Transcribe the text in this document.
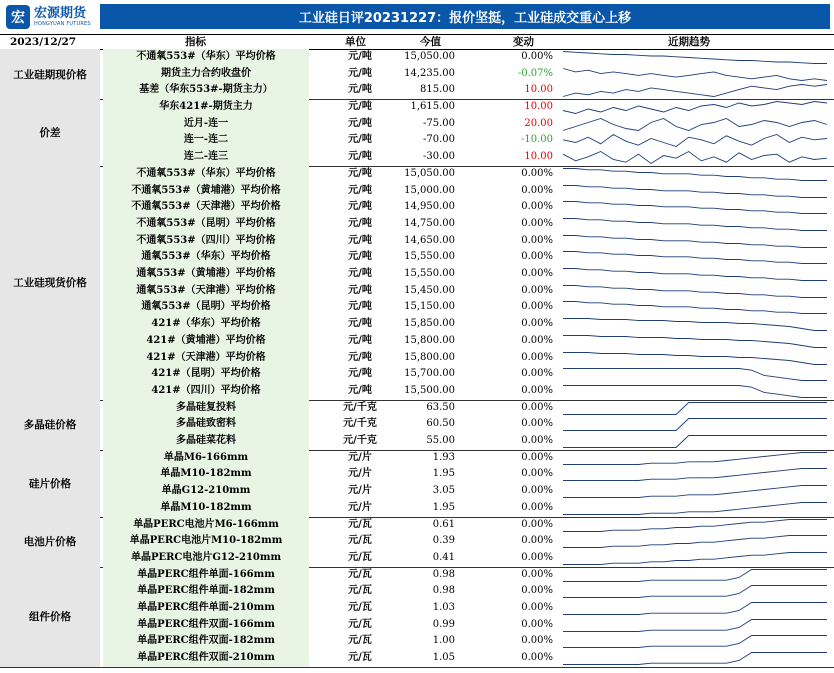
宏 宏源期货
HONGYUAN FUTURES	工业硅日评20231227：报价坚挺，工业硅成交重心上移
2023/12/27	指标	单位	今值	变动	近期趋势
工业硅期现价格
不通氧553#（华东）平均价格	元/吨	15,050.00	0.00%
期货主力合约收盘价	元/吨	14,235.00	-0.07%
基差（华东553#-期货主力）	元/吨	815.00	10.00
价差
华东421#-期货主力	元/吨	1,615.00	10.00
近月-连一	元/吨	-75.00	20.00
连一-连二	元/吨	-70.00	-10.00
连二-连三	元/吨	-30.00	10.00
工业硅现货价格
不通氧553#（华东）平均价格	元/吨	15,050.00	0.00%
不通氧553#（黄埔港）平均价格	元/吨	15,000.00	0.00%
不通氧553#（天津港）平均价格	元/吨	14,950.00	0.00%
不通氧553#（昆明）平均价格	元/吨	14,750.00	0.00%
不通氧553#（四川）平均价格	元/吨	14,650.00	0.00%
通氧553#（华东）平均价格	元/吨	15,550.00	0.00%
通氧553#（黄埔港）平均价格	元/吨	15,550.00	0.00%
通氧553#（天津港）平均价格	元/吨	15,450.00	0.00%
通氧553#（昆明）平均价格	元/吨	15,150.00	0.00%
421#（华东）平均价格	元/吨	15,850.00	0.00%
421#（黄埔港）平均价格	元/吨	15,800.00	0.00%
421#（天津港）平均价格	元/吨	15,800.00	0.00%
421#（昆明）平均价格	元/吨	15,700.00	0.00%
421#（四川）平均价格	元/吨	15,500.00	0.00%
多晶硅价格
多晶硅复投料	元/千克	63.50	0.00%
多晶硅致密料	元/千克	60.50	0.00%
多晶硅菜花料	元/千克	55.00	0.00%
硅片价格
单晶M6-166mm	元/片	1.93	0.00%
单晶M10-182mm	元/片	1.95	0.00%
单晶G12-210mm	元/片	3.05	0.00%
单晶M10-182mm	元/片	1.95	0.00%
电池片价格
单晶PERC电池片M6-166mm	元/瓦	0.61	0.00%
单晶PERC电池片M10-182mm	元/瓦	0.39	0.00%
单晶PERC电池片G12-210mm	元/瓦	0.41	0.00%
组件价格
单晶PERC组件单面-166mm	元/瓦	0.98	0.00%
单晶PERC组件单面-182mm	元/瓦	0.98	0.00%
单晶PERC组件单面-210mm	元/瓦	1.03	0.00%
单晶PERC组件双面-166mm	元/瓦	0.99	0.00%
单晶PERC组件双面-182mm	元/瓦	1.00	0.00%
单晶PERC组件双面-210mm	元/瓦	1.05	0.00%
